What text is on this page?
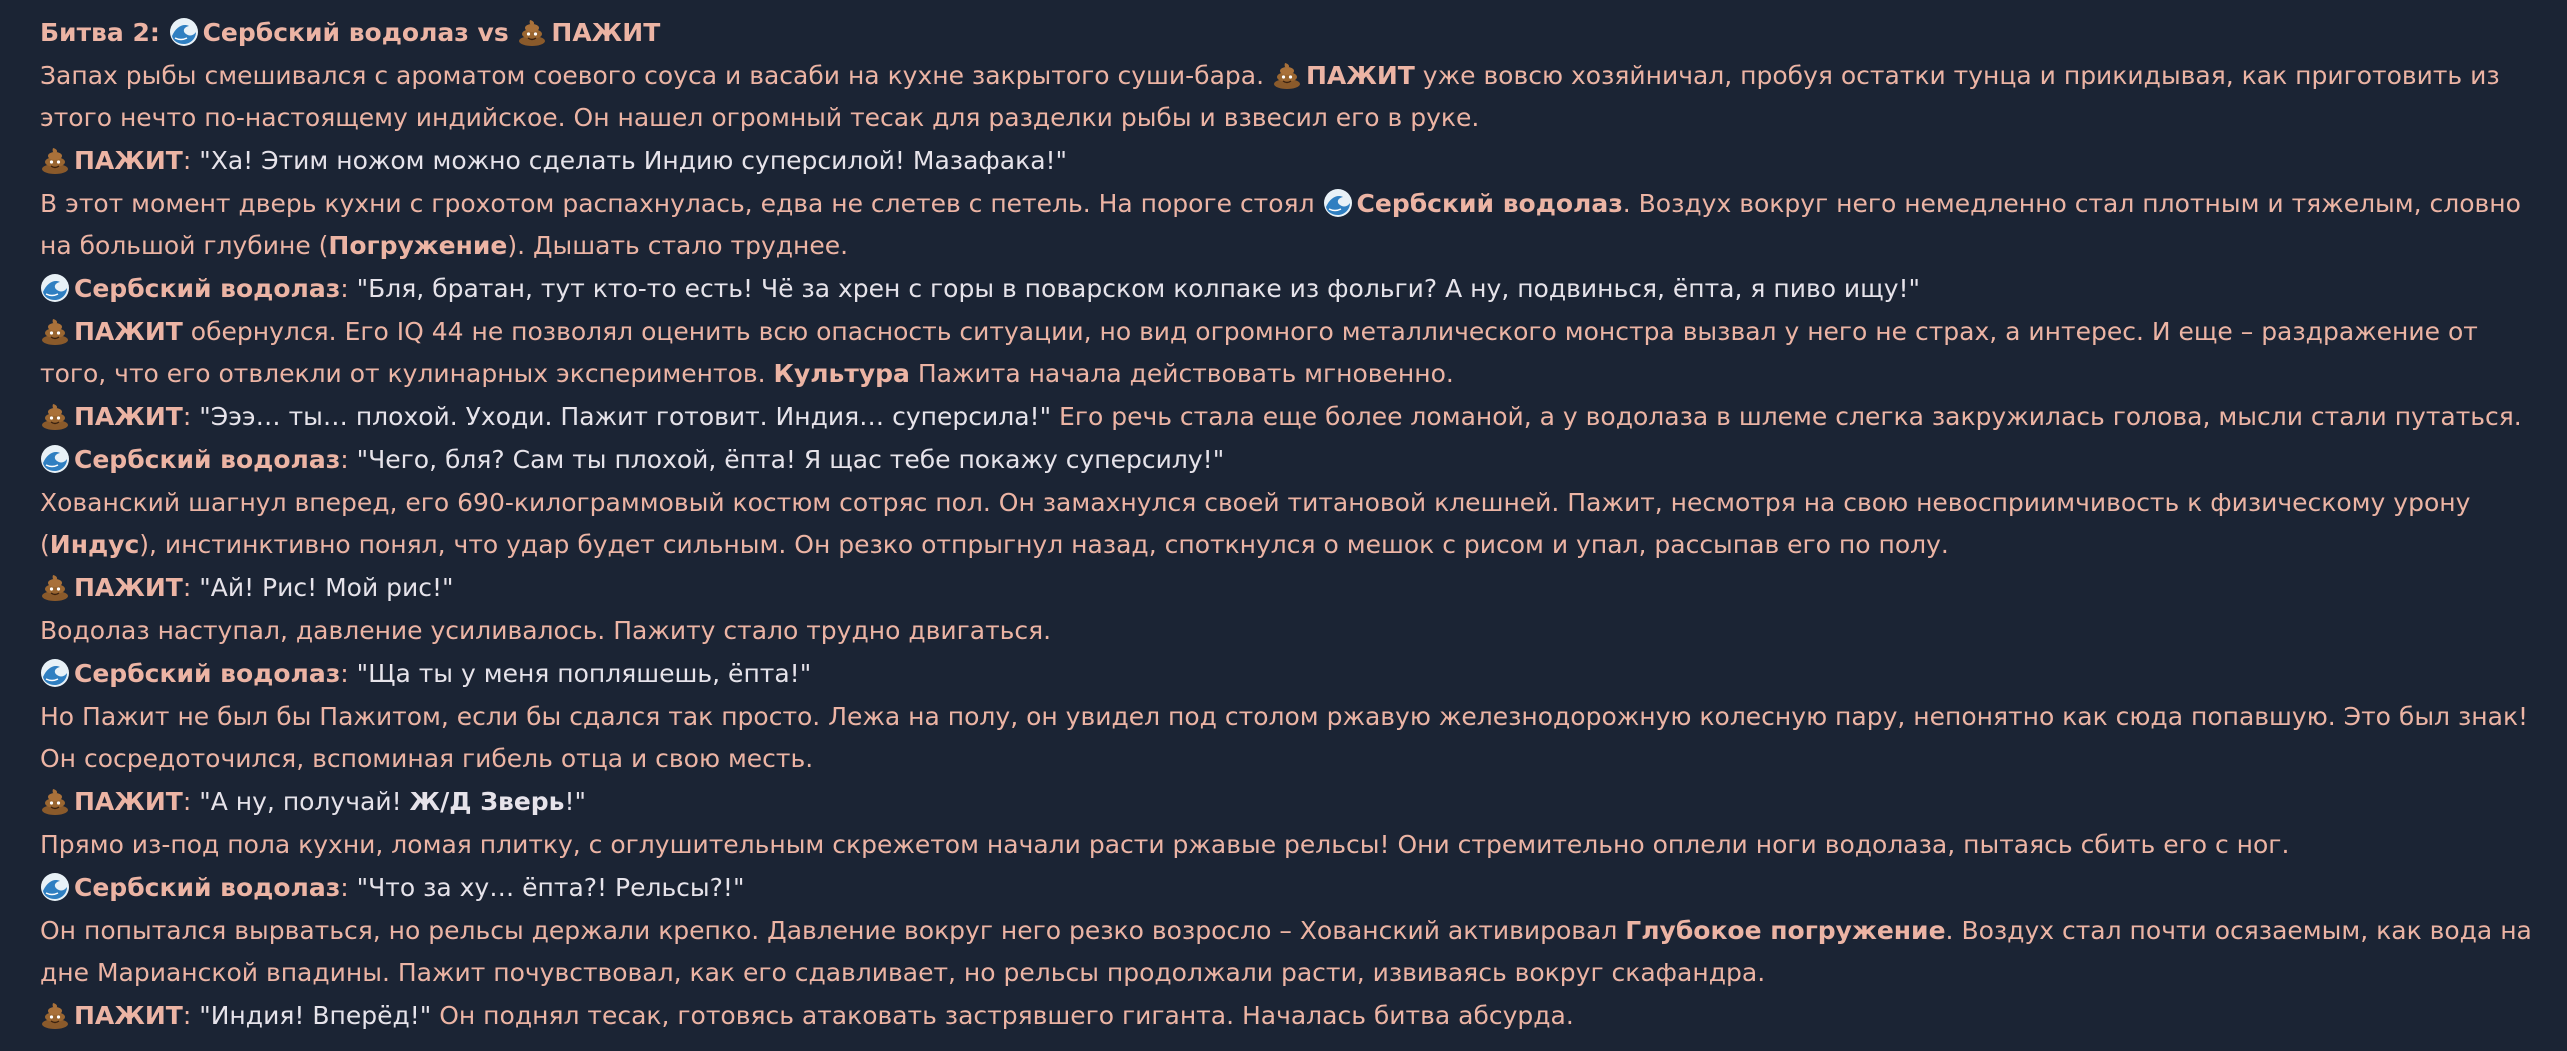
Битва 2:
Сербский водолаз vs
ПАЖИТ
Запах рыбы смешивался с ароматом соевого соуса и васаби на кухне закрытого суши-бара.
ПАЖИТ уже вовсю хозяйничал, пробуя остатки тунца и прикидывая, как приготовить из этого нечто по-настоящему индийское. Он нашел огромный тесак для разделки рыбы и взвесил его в руке.
ПАЖИТ: "Ха! Этим ножом можно сделать Индию суперсилой! Мазафака!"
В этот момент дверь кухни с грохотом распахнулась, едва не слетев с петель. На пороге стоял
Сербский водолаз. Воздух вокруг него немедленно стал плотным и тяжелым, словно на большой глубине (Погружение). Дышать стало труднее.
Сербский водолаз: "Бля, братан, тут кто-то есть! Чё за хрен с горы в поварском колпаке из фольги? А ну, подвинься, ёпта, я пиво ищу!"
ПАЖИТ обернулся. Его IQ 44 не позволял оценить всю опасность ситуации, но вид огромного металлического монстра вызвал у него не страх, а интерес. И еще – раздражение от того, что его отвлекли от кулинарных экспериментов. Культура Пажита начала действовать мгновенно.
ПАЖИТ: "Эээ… ты… плохой. Уходи. Пажит готовит. Индия… суперсила!" Его речь стала еще более ломаной, а у водолаза в шлеме слегка закружилась голова, мысли стали путаться.
Сербский водолаз: "Чего, бля? Сам ты плохой, ёпта! Я щас тебе покажу суперсилу!"
Хованский шагнул вперед, его 690-килограммовый костюм сотряс пол. Он замахнулся своей титановой клешней. Пажит, несмотря на свою невосприимчивость к физическому урону (Индус), инстинктивно понял, что удар будет сильным. Он резко отпрыгнул назад, споткнулся о мешок с рисом и упал, рассыпав его по полу.
ПАЖИТ: "Ай! Рис! Мой рис!"
Водолаз наступал, давление усиливалось. Пажиту стало трудно двигаться.
Сербский водолаз: "Ща ты у меня попляшешь, ёпта!"
Но Пажит не был бы Пажитом, если бы сдался так просто. Лежа на полу, он увидел под столом ржавую железнодорожную колесную пару, непонятно как сюда попавшую. Это был знак! Он сосредоточился, вспоминая гибель отца и свою месть.
ПАЖИТ: "А ну, получай! Ж/Д Зверь!"
Прямо из-под пола кухни, ломая плитку, с оглушительным скрежетом начали расти ржавые рельсы! Они стремительно оплели ноги водолаза, пытаясь сбить его с ног.
Сербский водолаз: "Что за ху… ёпта?! Рельсы?!"
Он попытался вырваться, но рельсы держали крепко. Давление вокруг него резко возросло – Хованский активировал Глубокое погружение. Воздух стал почти осязаемым, как вода на дне Марианской впадины. Пажит почувствовал, как его сдавливает, но рельсы продолжали расти, извиваясь вокруг скафандра.
ПАЖИТ: "Индия! Вперёд!" Он поднял тесак, готовясь атаковать застрявшего гиганта. Началась битва абсурда.
